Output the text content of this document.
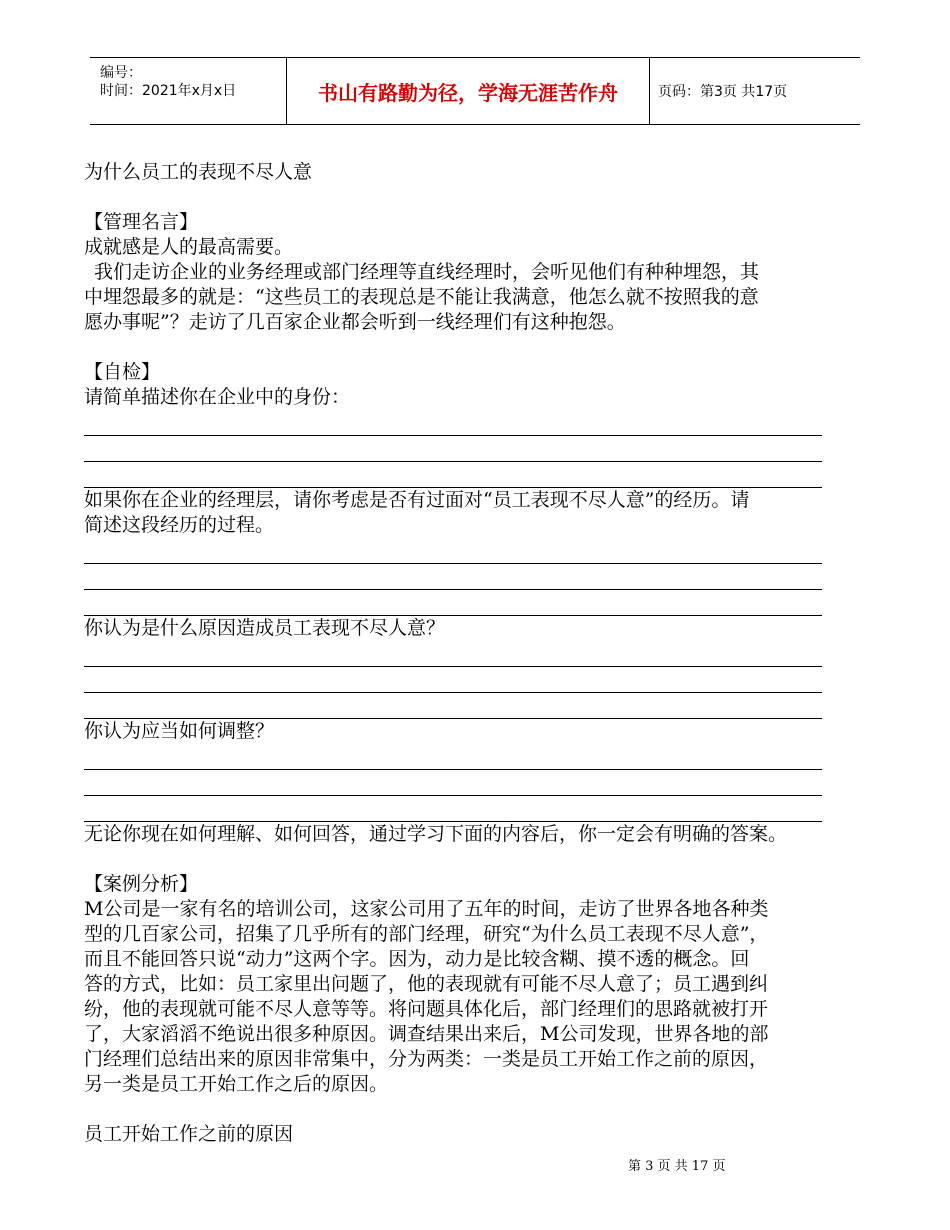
编号：
时间：2021年x月x日	书山有路勤为径，学海无涯苦作舟	页码：第3页 共17页

为什么员工的表现不尽人意

【管理名言】

成就感是人的最高需要。

我们走访企业的业务经理或部门经理等直线经理时，会听见他们有种种埋怨，其

中埋怨最多的就是：“这些员工的表现总是不能让我满意，他怎么就不按照我的意

愿办事呢”？走访了几百家企业都会听到一线经理们有这种抱怨。

【自检】

请简单描述你在企业中的身份：

如果你在企业的经理层，请你考虑是否有过面对“员工表现不尽人意”的经历。请

简述这段经历的过程。

你认为是什么原因造成员工表现不尽人意？

你认为应当如何调整？

无论你现在如何理解、如何回答，通过学习下面的内容后，你一定会有明确的答案。

【案例分析】

M公司是一家有名的培训公司，这家公司用了五年的时间，走访了世界各地各种类

型的几百家公司，招集了几乎所有的部门经理，研究“为什么员工表现不尽人意”，

而且不能回答只说“动力”这两个字。因为，动力是比较含糊、摸不透的概念。回

答的方式，比如：员工家里出问题了，他的表现就有可能不尽人意了；员工遇到纠

纷，他的表现就可能不尽人意等等。将问题具体化后，部门经理们的思路就被打开

了，大家滔滔不绝说出很多种原因。调查结果出来后，M公司发现，世界各地的部

门经理们总结出来的原因非常集中，分为两类：一类是员工开始工作之前的原因，

另一类是员工开始工作之后的原因。

员工开始工作之前的原因

第 3 页 共 17 页
